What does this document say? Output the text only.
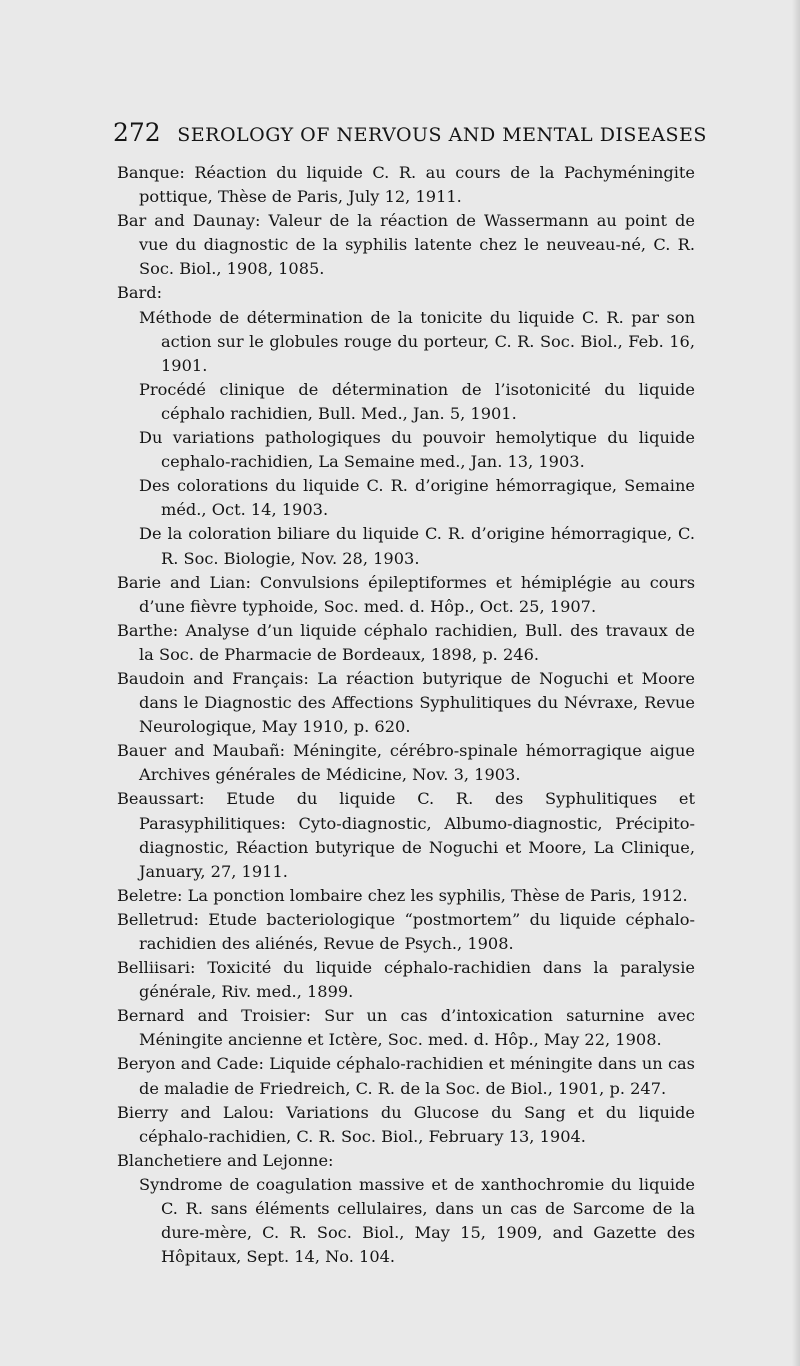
272 SEROLOGY OF NERVOUS AND MENTAL DISEASES

Banque: Réaction du liquide C. R. au cours de la Pachyméningite pottique, Thèse de Paris, July 12, 1911.

Bar and Daunay: Valeur de la réaction de Wassermann au point de vue du diagnostic de la syphilis latente chez le neuveau-né, C. R. Soc. Biol., 1908, 1085.

Bard:

Méthode de détermination de la tonicite du liquide C. R. par son action sur le globules rouge du porteur, C. R. Soc. Biol., Feb. 16, 1901.

Procédé clinique de détermination de l’isotonicité du liquide céphalo rachidien, Bull. Med., Jan. 5, 1901.

Du variations pathologiques du pouvoir hemolytique du liquide cephalo-rachidien, La Semaine med., Jan. 13, 1903.

Des colorations du liquide C. R. d’origine hémorragique, Semaine méd., Oct. 14, 1903.

De la coloration biliare du liquide C. R. d’origine hémorragique, C. R. Soc. Biologie, Nov. 28, 1903.

Barie and Lian: Convulsions épileptiformes et hémiplégie au cours d’une fièvre typhoide, Soc. med. d. Hôp., Oct. 25, 1907.

Barthe: Analyse d’un liquide céphalo rachidien, Bull. des travaux de la Soc. de Pharmacie de Bordeaux, 1898, p. 246.

Baudoin and Français: La réaction butyrique de Noguchi et Moore dans le Diagnostic des Affections Syphulitiques du Névraxe, Revue Neurologique, May 1910, p. 620.

Bauer and Maubañ: Méningite, cérébro-spinale hémorragique aigue Archives générales de Médicine, Nov. 3, 1903.

Beaussart: Etude du liquide C. R. des Syphulitiques et Parasyphilitiques: Cyto-diagnostic, Albumo-diagnostic, Précipito-diagnostic, Réaction butyrique de Noguchi et Moore, La Clinique, January, 27, 1911.

Beletre: La ponction lombaire chez les syphilis, Thèse de Paris, 1912.

Belletrud: Etude bacteriologique “postmortem” du liquide céphalo-rachidien des aliénés, Revue de Psych., 1908.

Belliisari: Toxicité du liquide céphalo-rachidien dans la paralysie générale, Riv. med., 1899.

Bernard and Troisier: Sur un cas d’intoxication saturnine avec Méningite ancienne et Ictère, Soc. med. d. Hôp., May 22, 1908.

Beryon and Cade: Liquide céphalo-rachidien et méningite dans un cas de maladie de Friedreich, C. R. de la Soc. de Biol., 1901, p. 247.

Bierry and Lalou: Variations du Glucose du Sang et du liquide céphalo-rachidien, C. R. Soc. Biol., February 13, 1904.

Blanchetiere and Lejonne:

Syndrome de coagulation massive et de xanthochromie du liquide C. R. sans éléments cellulaires, dans un cas de Sarcome de la dure-mère, C. R. Soc. Biol., May 15, 1909, and Gazette des Hôpitaux, Sept. 14, No. 104.
